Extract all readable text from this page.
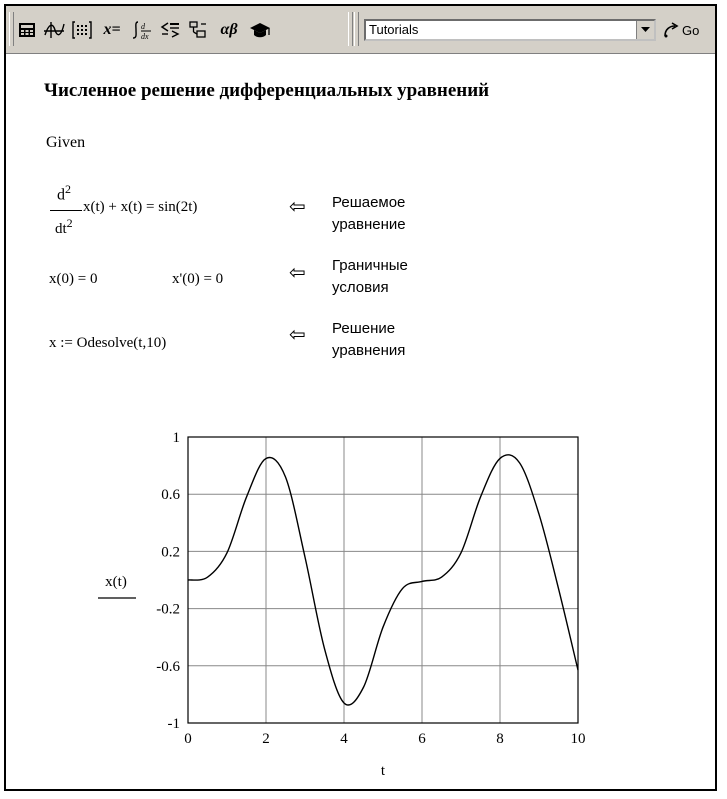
x=	d
dx	αβ	Tutorials	Go
Численное решение дифференциальных уравнений
Given
$d^2$
$dt^2$
x(t) + x(t) = sin(2t)	⇦ Решаемое
уравнение
x(0) = 0	x'(0) = 0	⇦ Граничные
условия
x := Odesolve(t,10)	⇦ Решение
уравнения
0	2	4	6	8	10
1
0.6
0.2
-0.2
-0.6
-1
t
x(t)
